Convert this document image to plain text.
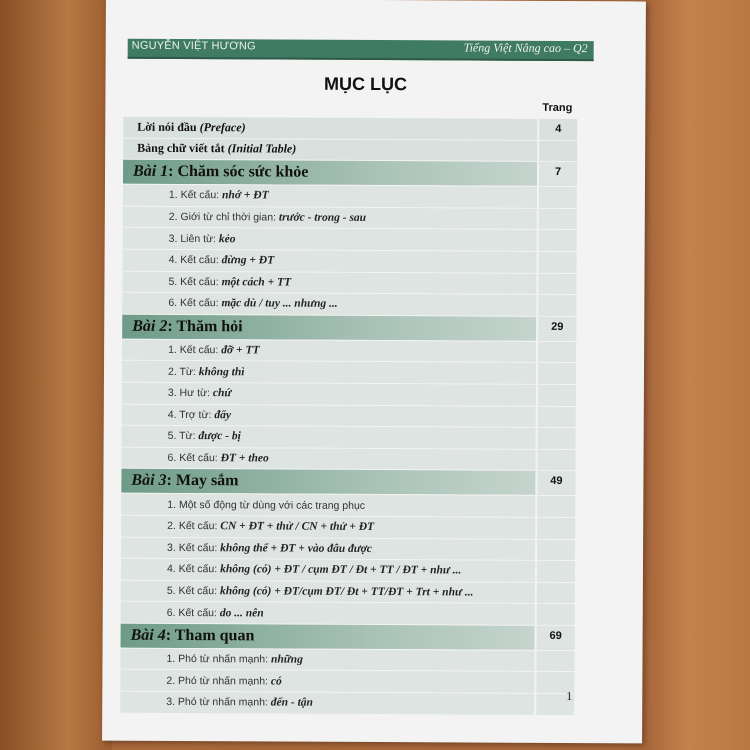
NGUYỄN VIỆT HƯƠNG	Tiếng Việt Nâng cao – Q2
MỤC LỤC
Trang
Lời nói đầu (Preface)	4
Bảng chữ viết tắt (Initial Table)
Bài 1: Chăm sóc sức khỏe	7
1. Kết cấu: nhớ + ĐT
2. Giới từ chỉ thời gian: trước - trong - sau
3. Liên từ: kẻo
4. Kết cấu: đừng + ĐT
5. Kết cấu: một cách + TT
6. Kết cấu: mặc dù / tuy ... nhưng ...
Bài 2: Thăm hỏi	29
1. Kết cấu: đỡ + TT
2. Từ: không thì
3. Hư từ: chứ
4. Trợ từ: đấy
5. Từ: được - bị
6. Kết cấu: ĐT + theo
Bài 3: May sắm	49
1. Một số động từ dùng với các trang phục
2. Kết cấu: CN + ĐT + thử / CN + thử + ĐT
3. Kết cấu: không thể + ĐT + vào đâu được
4. Kết cấu: không (có) + ĐT / cụm ĐT / Đt + TT / ĐT + như ...
5. Kết cấu: không (có) + ĐT/cụm ĐT/ Đt + TT/ĐT + Trt + như ...
6. Kết cấu: do ... nên
Bài 4: Tham quan	69
1. Phó từ nhấn mạnh: những
2. Phó từ nhấn mạnh: có
3. Phó từ nhấn mạnh: đến - tận	1
